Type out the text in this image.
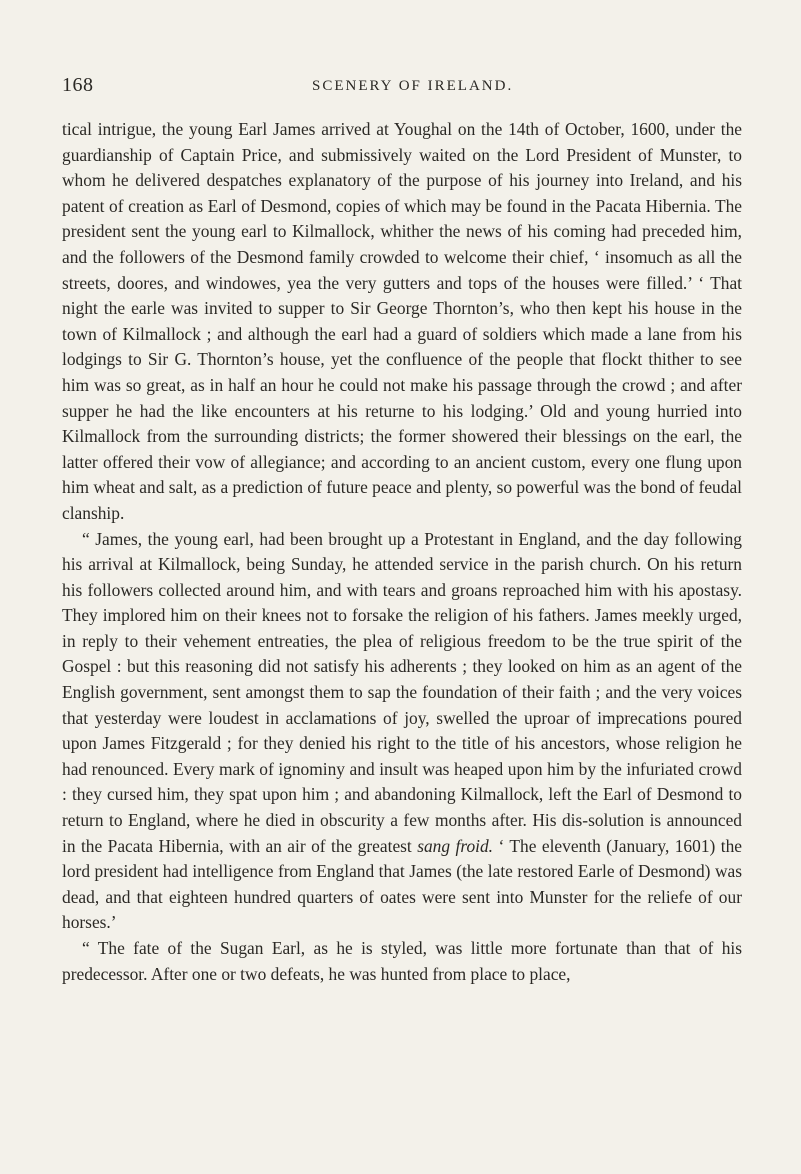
168	SCENERY OF IRELAND.

tical intrigue, the young Earl James arrived at Youghal on the 14th of October, 1600, under the guardianship of Captain Price, and submissively waited on the Lord President of Munster, to whom he delivered despatches explanatory of the purpose of his journey into Ireland, and his patent of creation as Earl of Desmond, copies of which may be found in the Pacata Hibernia. The president sent the young earl to Kilmallock, whither the news of his coming had preceded him, and the followers of the Desmond family crowded to welcome their chief, ‘ insomuch as all the streets, doores, and windowes, yea the very gutters and tops of the houses were filled.’ ‘ That night the earle was invited to supper to Sir George Thornton’s, who then kept his house in the town of Kilmallock ; and although the earl had a guard of soldiers which made a lane from his lodgings to Sir G. Thornton’s house, yet the confluence of the people that flockt thither to see him was so great, as in half an hour he could not make his passage through the crowd ; and after supper he had the like encounters at his returne to his lodging.’ Old and young hurried into Kilmallock from the surrounding districts; the former showered their blessings on the earl, the latter offered their vow of allegiance; and according to an ancient custom, every one flung upon him wheat and salt, as a prediction of future peace and plenty, so powerful was the bond of feudal clanship.

“ James, the young earl, had been brought up a Protestant in England, and the day following his arrival at Kilmallock, being Sunday, he attended service in the parish church. On his return his followers collected around him, and with tears and groans reproached him with his apostasy. They implored him on their knees not to forsake the religion of his fathers. James meekly urged, in reply to their vehement entreaties, the plea of religious freedom to be the true spirit of the Gospel : but this reasoning did not satisfy his adherents ; they looked on him as an agent of the English government, sent amongst them to sap the foundation of their faith ; and the very voices that yesterday were loudest in acclamations of joy, swelled the uproar of imprecations poured upon James Fitzgerald ; for they denied his right to the title of his ancestors, whose religion he had renounced. Every mark of ignominy and insult was heaped upon him by the infuriated crowd : they cursed him, they spat upon him ; and abandoning Kilmallock, left the Earl of Desmond to return to England, where he died in obscurity a few months after. His dis-solution is announced in the Pacata Hibernia, with an air of the greatest sang froid. ‘ The eleventh (January, 1601) the lord president had intelligence from England that James (the late restored Earle of Desmond) was dead, and that eighteen hundred quarters of oates were sent into Munster for the reliefe of our horses.’

“ The fate of the Sugan Earl, as he is styled, was little more fortunate than that of his predecessor. After one or two defeats, he was hunted from place to place,
